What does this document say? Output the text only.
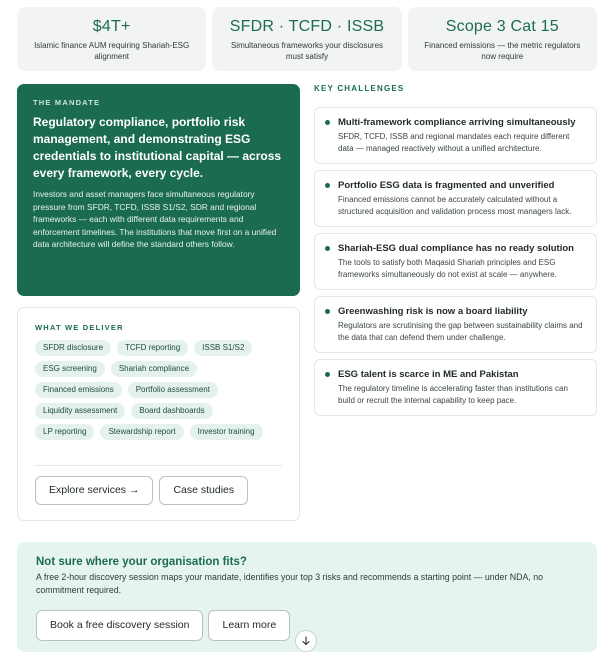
$4T+
Islamic finance AUM requiring Shariah-ESG alignment
SFDR · TCFD · ISSB
Simultaneous frameworks your disclosures must satisfy
Scope 3 Cat 15
Financed emissions — the metric regulators now require
THE MANDATE
Regulatory compliance, portfolio risk management, and demonstrating ESG credentials to institutional capital — across every framework, every cycle.
Investors and asset managers face simultaneous regulatory pressure from SFDR, TCFD, ISSB S1/S2, SDR and regional frameworks — each with different data requirements and enforcement timelines. The institutions that move first on a unified data architecture will define the standard others follow.
WHAT WE DELIVER
SFDR disclosure	TCFD reporting	ISSB S1/S2
ESG screening	Shariah compliance
Financed emissions	Portfolio assessment
Liquidity assessment	Board dashboards
LP reporting	Stewardship report	Investor training
Explore services →	Case studies
KEY CHALLENGES
Multi-framework compliance arriving simultaneously
SFDR, TCFD, ISSB and regional mandates each require different data — managed reactively without a unified architecture.
Portfolio ESG data is fragmented and unverified
Financed emissions cannot be accurately calculated without a structured acquisition and validation process most managers lack.
Shariah-ESG dual compliance has no ready solution
The tools to satisfy both Maqasid Shariah principles and ESG frameworks simultaneously do not exist at scale — anywhere.
Greenwashing risk is now a board liability
Regulators are scrutinising the gap between sustainability claims and the data that can defend them under challenge.
ESG talent is scarce in ME and Pakistan
The regulatory timeline is accelerating faster than institutions can build or recruit the internal capability to keep pace.
Not sure where your organisation fits?
A free 2-hour discovery session maps your mandate, identifies your top 3 risks and recommends a starting point — under NDA, no commitment required.
Book a free discovery session	Learn more
